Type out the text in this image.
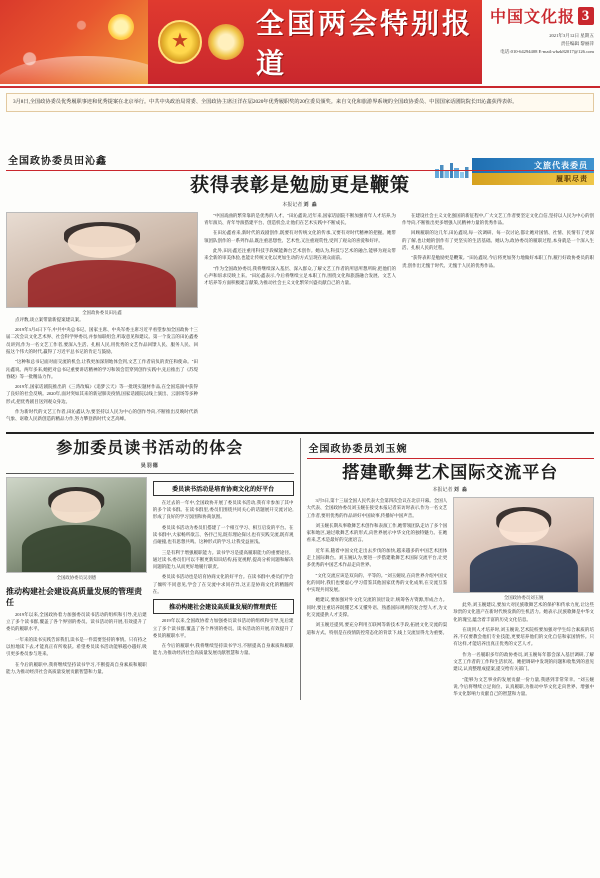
★
全国两会特别报道
中国文化报 3
2021年3月12日 星期五
责任编辑 黎丽萍
电话:010-64294408 E-mail:wbzk82017@126.com
3月8日,全国政协委员优秀履职事迹和优秀提案在北京举行。中共中央政治局常委、全国政协主席汪洋在届2020年优秀履职奖的20位委员颁奖。来自文化和旅游界系统的全国政协委员、中国国家话剧院院长田沁鑫获得表彰。
文旅代表委员
履职尽责
全国政协委员田沁鑫
获得表彰是勉励更是鞭策
本报记者 刘 淼
全国政协委员田沁鑫

点评数,谈立案带量新提案建议案。

2019年3月4日下午,中共中央总书记、国家主席、中央军委主席习近平看望参加全国政协十三届二次会议文化艺术界、社会科学界委员,并参加联组会,听取意见和建议。第一个发言的田沁鑫委员讲到,作为一名文艺工作者,要深入生活、扎根人民,用优秀的文艺作品回馈人民、服务人民、回报这个伟大的时代,赢得了习近平总书记的肯定与鼓励。

"这种和总书记面对面交流的机会,让我更加深刻地体会到,文艺工作者肩负的责任和使命。"田沁鑫说。两年多来,她把对总书记重要讲话精神的学习和领会贯穿到创作实践中,先后推出了《苏堤春晓》等一批精品力作。

2019年,国家话剧院推出的《三湾改编》《追梦云天》等一批现实题材作品,在全国巡演中获得了良好的社会反响。2020年,面对突如其来的新冠肺炎疫情,国家话剧院以线上演出、云剧场等多种形式,把优秀剧目送到观众身边。

作为新时代的文艺工作者,田沁鑫认为,要坚持以人民为中心的创作导向,不断推出反映时代新气象、讴歌人民新创造的精品力作,努力攀登新时代文艺高峰。

"中国戏曲的繁荣靠的是优秀的人才。"田沁鑫说,近年来,国家话剧院不断加强青年人才培养,为青年演员、青年导演搭建平台、创造机会,让他们在艺术实践中不断成长。

在田沁鑫看来,新时代的戏剧创作,既要有对传统文化的传承,又要有对时代精神的把握。她带领团队创作的一系列作品,既注重思想性、艺术性,又注重观赏性,受到了观众的喜爱和好评。

此外,田沁鑫还注重用科技手段赋能舞台艺术创作。她认为,科技与艺术的融合,能够为观众带来全新的审美体验,也能让传统文化以更加生动的方式呈现在观众面前。

"作为全国政协委员,我将继续深入基层、深入群众,了解文艺工作者的所思所想所盼,把他们的心声和诉求反映上来。"田沁鑫表示,今后将继续立足本职工作,围绕文化和旅游融合发展、文艺人才培养等方面积极建言献策,为推动社会主义文化繁荣兴盛贡献自己的力量。

在建设社会主义文化强国的新征程中,广大文艺工作者要坚定文化自信,坚持以人民为中心的创作导向,不断推出更多增强人民精神力量的优秀作品。

回顾履职的这几年,田沁鑫说,每一次调研、每一次讨论,都让她对国情、社情、民情有了更深的了解,也让她的创作有了更坚实的生活基础。她认为,政协委员的履职过程,本身就是一个深入生活、扎根人民的过程。

"获得表彰是勉励更是鞭策。"田沁鑫说,今后将更加努力地做好本职工作,履行好政协委员的职责,创作出无愧于时代、无愧于人民的优秀作品。

参加委员读书活动的体会
吴羽德
全国政协委员吴羽德
推动构建社会建设高质量发展的管理责任

2019年以来,全国政协着力加强委员读书活动的组织和引导,先后建立了多个读书群,覆盖了各个界别的委员。读书活动的开展,有效提升了委员的履职水平。

一年来的读书实践告诉我们,读书是一件需要坚持的事情。只有持之以恒地读下去,才能真正有所收获。希望委员读书活动能够越办越好,吸引更多委员参与进来。

在今后的履职中,我将继续坚持读书学习,不断提高自身素质和履职能力,为推动经济社会高质量发展贡献智慧和力量。

委员读书活动是培育协商文化的好平台

在过去的一年中,全国政协开展了委员读书活动,我有幸参加了其中的多个读书群。在读书群里,委员们围绕共同关心的话题展开交流讨论,形成了良好的学习氛围和协商氛围。

委员读书活动为委员们搭建了一个相互学习、相互启发的平台。在读书群中,大家畅所欲言、各抒己见,既有理论探讨,也有实践交流,既有观点碰撞,也有思想共鸣。这种形式的学习,让我受益匪浅。

三是有利于增强履职能力。读书学习是提高履职能力的重要途径。通过读书,委员们可以不断更新知识结构,拓宽视野,提高分析问题和解决问题的能力,从而更好地履行职责。

委员读书活动也是培育协商文化的好平台。在读书群中,委员们学会了倾听不同意见,学会了在交流中求同存异,这正是协商文化的精髓所在。

推动构建社会建设高质量发展的管理责任

2019年以来,全国政协着力加强委员读书活动的组织和引导,先后建立了多个读书群,覆盖了各个界别的委员。读书活动的开展,有效提升了委员的履职水平。

在今后的履职中,我将继续坚持读书学习,不断提高自身素质和履职能力,为推动经济社会高质量发展贡献智慧和力量。

全国政协委员刘玉婉
搭建歌舞艺术国际交流平台
本报记者 刘 淼

3月5日,第十三届全国人民代表大会第四次会议在北京开幕。全国人大代表、全国政协委员刘玉婉在接受本报记者采访时表示,作为一名文艺工作者,要用优秀的作品讲好中国故事,传播好中国声音。

刘玉婉长期从事歌舞艺术创作和表演工作,她带领团队走访了多个国家和地区,通过歌舞艺术的形式,向世界展示中华文化的独特魅力。在她看来,艺术是最好的交流语言。

近年来,随着中国文化走出去步伐的加快,越来越多的中国艺术团体走上国际舞台。刘玉婉认为,要进一步搭建歌舞艺术国际交流平台,让更多优秀的中国艺术作品走向世界。

"文化交流应该是双向的、平等的。"刘玉婉说,在向世界介绍中国文化的同时,我们也要虚心学习借鉴其他国家优秀的文化成果,在交流互鉴中实现共同发展。

她建议,要加强对外文化交流的顶层设计,统筹各方资源,形成合力。同时,要注重培养既懂艺术又懂外语、熟悉国际规则的复合型人才,为文化交流提供人才支撑。

刘玉婉还提到,要充分利用互联网等新技术手段,拓展文化交流的渠道和方式。特别是在疫情防控常态化的背景下,线上交流显得尤为重要。

全国政协委员刘玉婉

此外,刘玉婉建议,要加大对民族歌舞艺术的保护和传承力度,让这些珍贵的文化遗产在新时代焕发新的生机活力。她表示,民族歌舞是中华文化的瑰宝,蕴含着丰富的历史文化信息。

在谈到人才培养时,刘玉婉说,艺术院校要加强对学生综合素质的培养,不仅要教会他们专业技能,更要培养他们的文化自信和家国情怀。只有这样,才能培养出真正优秀的文艺人才。

作为一名履职多年的政协委员,刘玉婉每年都会深入基层调研,了解文艺工作者的工作和生活状况。她把调研中发现的问题和收集到的意见建议,认真整理成提案,提交给有关部门。

"能够为文艺事业的发展贡献一份力量,我感到非常荣幸。"刘玉婉说,今后将继续立足岗位、认真履职,为推动中华文化走向世界、增强中华文化影响力贡献自己的智慧和力量。
